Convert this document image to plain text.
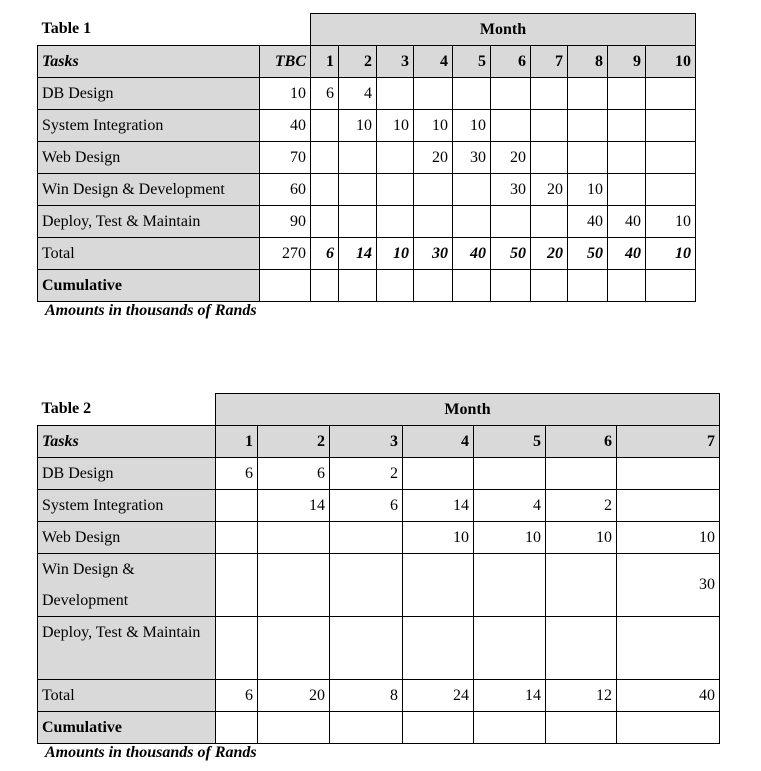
Table 1		Month									
Tasks	TBC	1	2	3	4	5	6	7	8	9	10
DB Design	10	6	4								
System Integration	40		10	10	10	10					
Web Design	70				20	30	20				
Win Design & Development	60						30	20	10		
Deploy, Test & Maintain	90								40	40	10
Total	270	6	14	10	30	40	50	20	50	40	10
Cumulative											
Amounts in thousands of Rands
Table 2	Month						
Tasks	1	2	3	4	5	6	7
DB Design	6	6	2				
System Integration		14	6	14	4	2	
Web Design				10	10	10	10
Win Design & Development							30
Deploy, Test & Maintain							
Total	6	20	8	24	14	12	40
Cumulative							
Amounts in thousands of Rands
